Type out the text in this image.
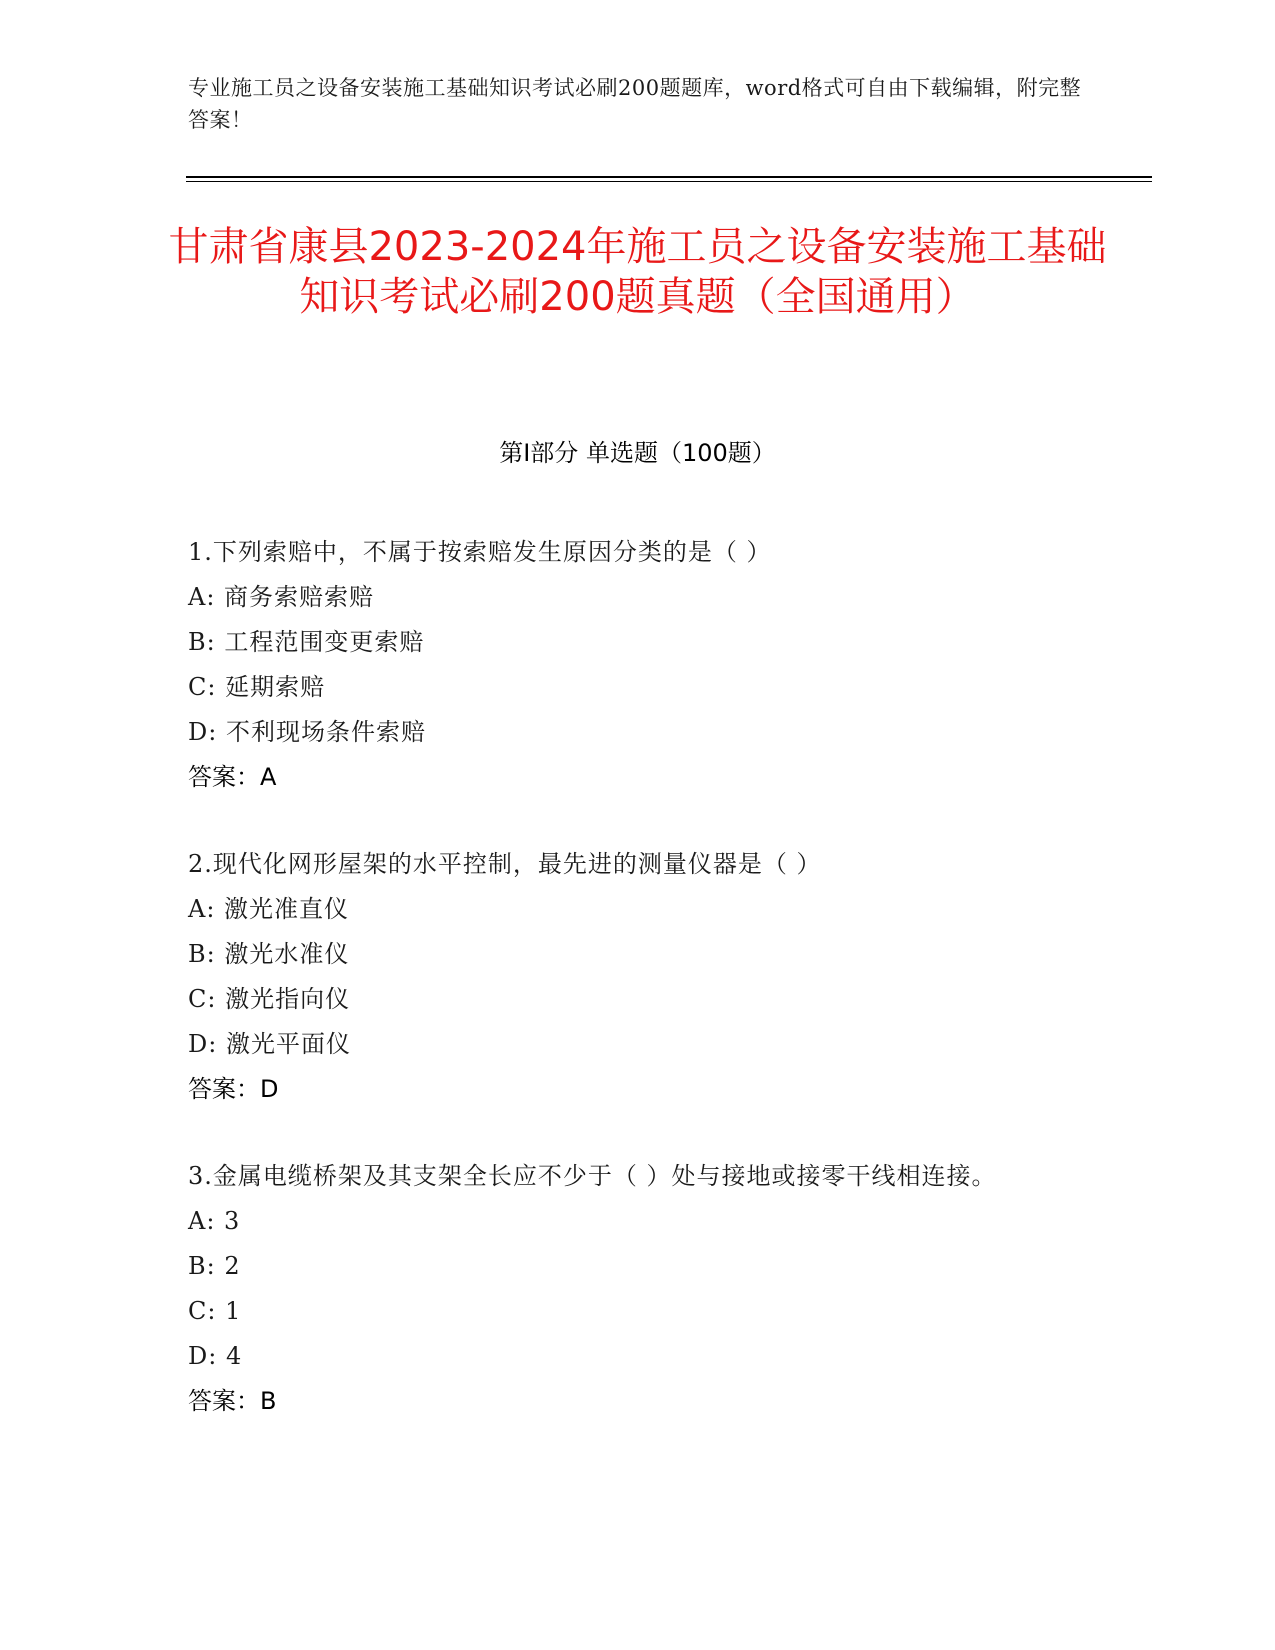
专业施工员之设备安装施工基础知识考试必刷200题题库，word格式可自由下载编辑，附完整答案！
甘肃省康县2023-2024年施工员之设备安装施工基础知识考试必刷200题真题（全国通用）
第I部分 单选题（100题）
1.下列索赔中，不属于按索赔发生原因分类的是（ ）
A: 商务索赔索赔
B: 工程范围变更索赔
C: 延期索赔
D: 不利现场条件索赔
答案：A
2.现代化网形屋架的水平控制，最先进的测量仪器是（ ）
A: 激光准直仪
B: 激光水准仪
C: 激光指向仪
D: 激光平面仪
答案：D
3.金属电缆桥架及其支架全长应不少于（ ）处与接地或接零干线相连接。
A: 3
B: 2
C: 1
D: 4
答案：B
